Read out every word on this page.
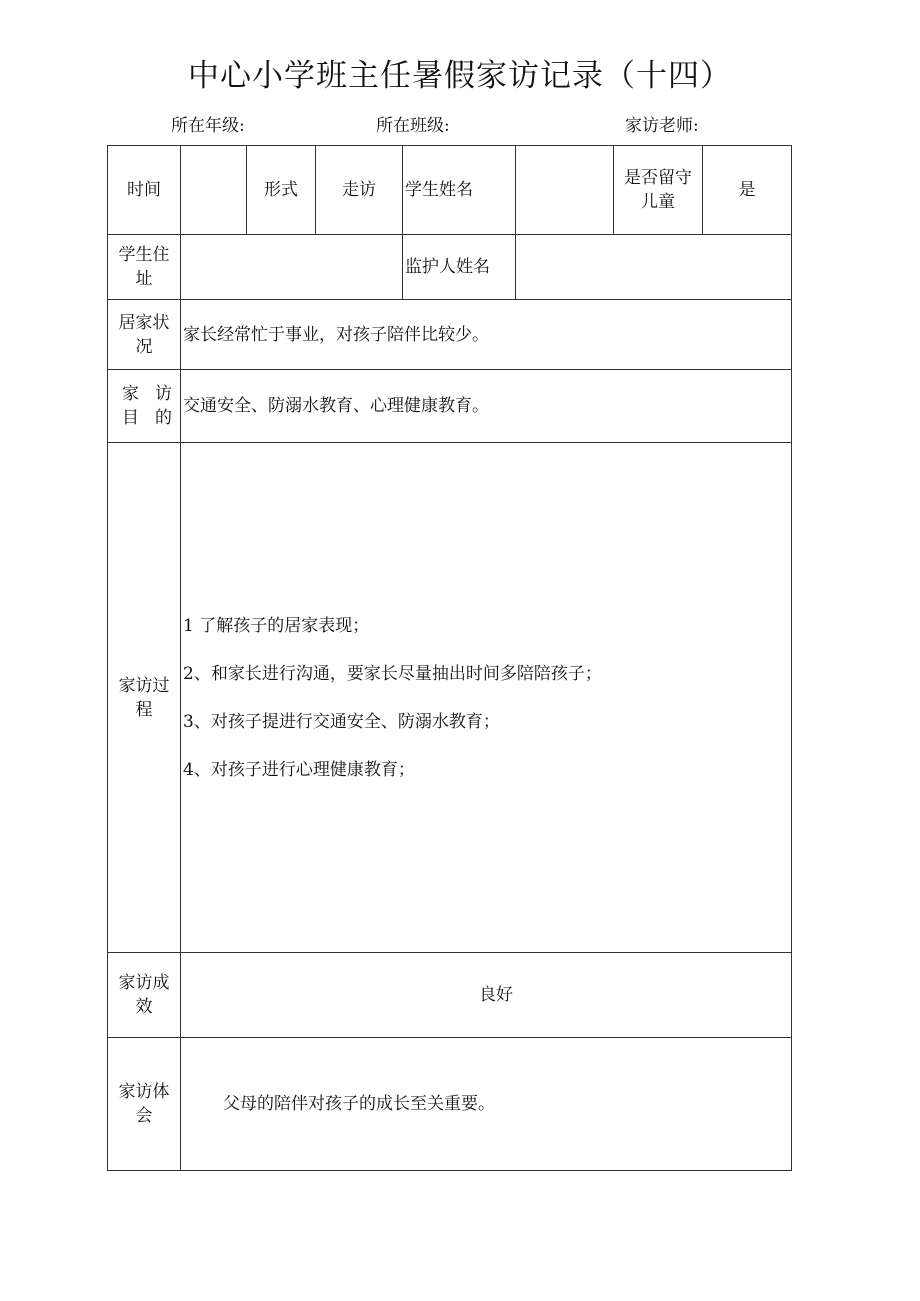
中心小学班主任暑假家访记录（十四）
所在年级:	所在班级:	家访老师:
时间		形式	走访	学生姓名		是否留守儿童	是
学生住址				监护人姓名			
居家状况	家长经常忙于事业，对孩子陪伴比较少。						

家访目的	交通安全、防溺水教育、心理健康教育。						
家访过程	1 了解孩子的居家表现；

2、和家长进行沟通，要家长尽量抽出时间多陪陪孩子；

3、对孩子提进行交通安全、防溺水教育；

4、对孩子进行心理健康教育；						

家访成效	良好						
家访体会	父母的陪伴对孩子的成长至关重要。						
